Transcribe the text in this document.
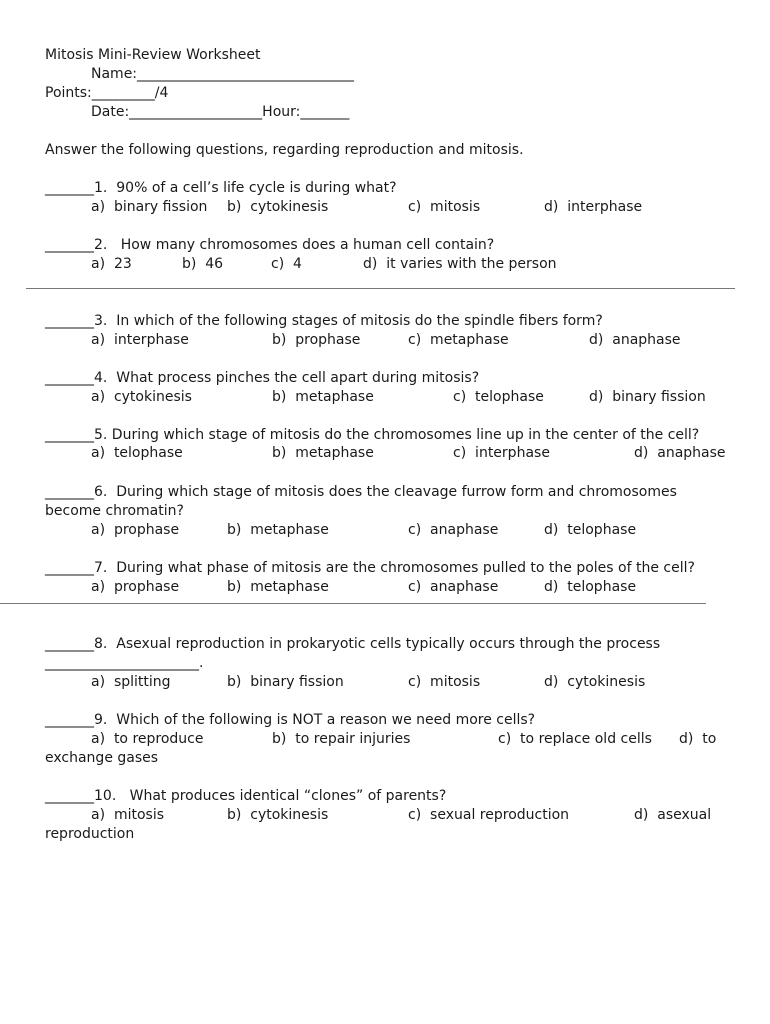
Mitosis Mini-Review Worksheet
Name:_______________________________
Points:_________/4
Date:___________________Hour:_______
Answer the following questions, regarding reproduction and mitosis.
_______1.  90% of a cell’s life cycle is during what?
a)  binary fission b)  cytokinesis	c)  mitosis	d)  interphase
_______2.   How many chromosomes does a human cell contain?
a)  23	b)  46	c)  4	d)  it varies with the person
_______3.  In which of the following stages of mitosis do the spindle fibers form?
a)  interphase	b)  prophase	c)  metaphase	d)  anaphase
_______4.  What process pinches the cell apart during mitosis?
a)  cytokinesis	b)  metaphase	c)  telophase	d)  binary fission
_______5. During which stage of mitosis do the chromosomes line up in the center of the cell?
a)  telophase	b)  metaphase	c)  interphase	d)  anaphase
_______6.  During which stage of mitosis does the cleavage furrow form and chromosomes
become chromatin?
a)  prophase	b)  metaphase	c)  anaphase	d)  telophase
_______7.  During what phase of mitosis are the chromosomes pulled to the poles of the cell?
a)  prophase	b)  metaphase	c)  anaphase	d)  telophase
_______8.  Asexual reproduction in prokaryotic cells typically occurs through the process
______________________.
a)  splitting	b)  binary fission	c)  mitosis	d)  cytokinesis
_______9.  Which of the following is NOT a reason we need more cells?
a)  to reproduce	b)  to repair injuries	c)  to replace old cells d)  to
exchange gases
_______10.   What produces identical “clones” of parents?
a)  mitosis	b)  cytokinesis	c)  sexual reproduction	d)  asexual
reproduction
